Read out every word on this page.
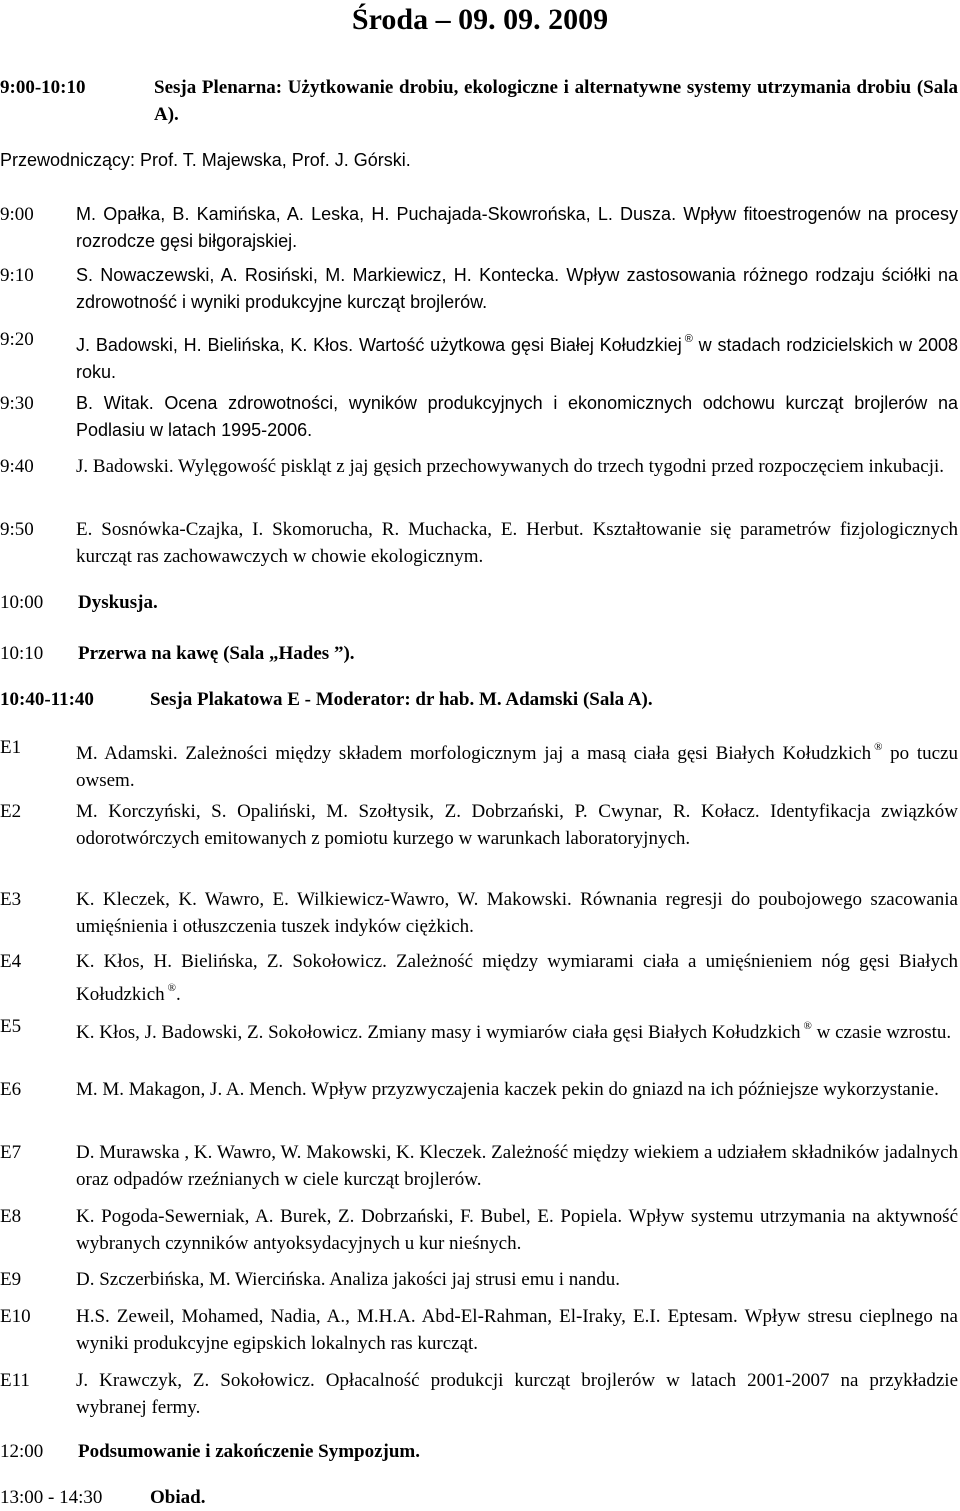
Środa – 09. 09. 2009
9:00-10:10	Sesja Plenarna: Użytkowanie drobiu, ekologiczne i alternatywne systemy utrzymania drobiu (Sala A).
Przewodniczący: Prof. T. Majewska, Prof. J. Górski.
9:00 M. Opałka, B. Kamińska, A. Leska, H. Puchajada-Skowrońska, L. Dusza. Wpływ fitoestrogenów na procesy rozrodcze gęsi biłgorajskiej.
9:10 S. Nowaczewski, A. Rosiński, M. Markiewicz, H. Kontecka. Wpływ zastosowania różnego rodzaju ściółki na zdrowotność i wyniki produkcyjne kurcząt brojlerów.
9:20 J. Badowski, H. Bielińska, K. Kłos. Wartość użytkowa gęsi Białej Kołudzkiej ® w stadach rodzicielskich w 2008 roku.
9:30 B. Witak. Ocena zdrowotności, wyników produkcyjnych i ekonomicznych odchowu kurcząt brojlerów na Podlasiu w latach 1995-2006.
9:40 J. Badowski. Wylęgowość piskląt z jaj gęsich przechowywanych do trzech tygodni przed rozpoczęciem inkubacji.
9:50 E. Sosnówka-Czajka, I. Skomorucha, R. Muchacka, E. Herbut. Kształtowanie się parametrów fizjologicznych kurcząt ras zachowawczych w chowie ekologicznym.
10:00 Dyskusja.
10:10 Przerwa na kawę (Sala „Hades ”).
10:40-11:40	Sesja Plakatowa E - Moderator: dr hab. M. Adamski (Sala A).
E1	M. Adamski. Zależności między składem morfologicznym jaj a masą ciała gęsi Białych Kołudzkich ® po tuczu owsem.
E2	M. Korczyński, S. Opaliński, M. Szołtysik, Z. Dobrzański, P. Cwynar, R. Kołacz. Identyfikacja związków odorotwórczych emitowanych z pomiotu kurzego w warunkach laboratoryjnych.
E3	K. Kleczek, K. Wawro, E. Wilkiewicz-Wawro, W. Makowski. Równania regresji do poubojowego szacowania umięśnienia i otłuszczenia tuszek indyków ciężkich.
E4	K. Kłos, H. Bielińska, Z. Sokołowicz. Zależność między wymiarami ciała a umięśnieniem nóg gęsi Białych Kołudzkich ®.
E5	K. Kłos, J. Badowski, Z. Sokołowicz. Zmiany masy i wymiarów ciała gęsi Białych Kołudzkich ® w czasie wzrostu.
E6	M. M. Makagon, J. A. Mench. Wpływ przyzwyczajenia kaczek pekin do gniazd na ich późniejsze wykorzystanie.
E7	D. Murawska , K. Wawro, W. Makowski, K. Kleczek. Zależność między wiekiem a udziałem składników jadalnych oraz odpadów rzeźnianych w ciele kurcząt brojlerów.
E8	K. Pogoda-Sewerniak, A. Burek, Z. Dobrzański, F. Bubel, E. Popiela. Wpływ systemu utrzymania na aktywność wybranych czynników antyoksydacyjnych u kur nieśnych.
E9	D. Szczerbińska, M. Wiercińska. Analiza jakości jaj strusi emu i nandu.
E10 H.S. Zeweil, Mohamed, Nadia, A., M.H.A. Abd-El-Rahman, El-Iraky, E.I. Eptesam. Wpływ stresu cieplnego na wyniki produkcyjne egipskich lokalnych ras kurcząt.
E11 J. Krawczyk, Z. Sokołowicz. Opłacalność produkcji kurcząt brojlerów w latach 2001-2007 na przykładzie wybranej fermy.
12:00 Podsumowanie i zakończenie Sympozjum.
13:00 - 14:30	Obiad.
